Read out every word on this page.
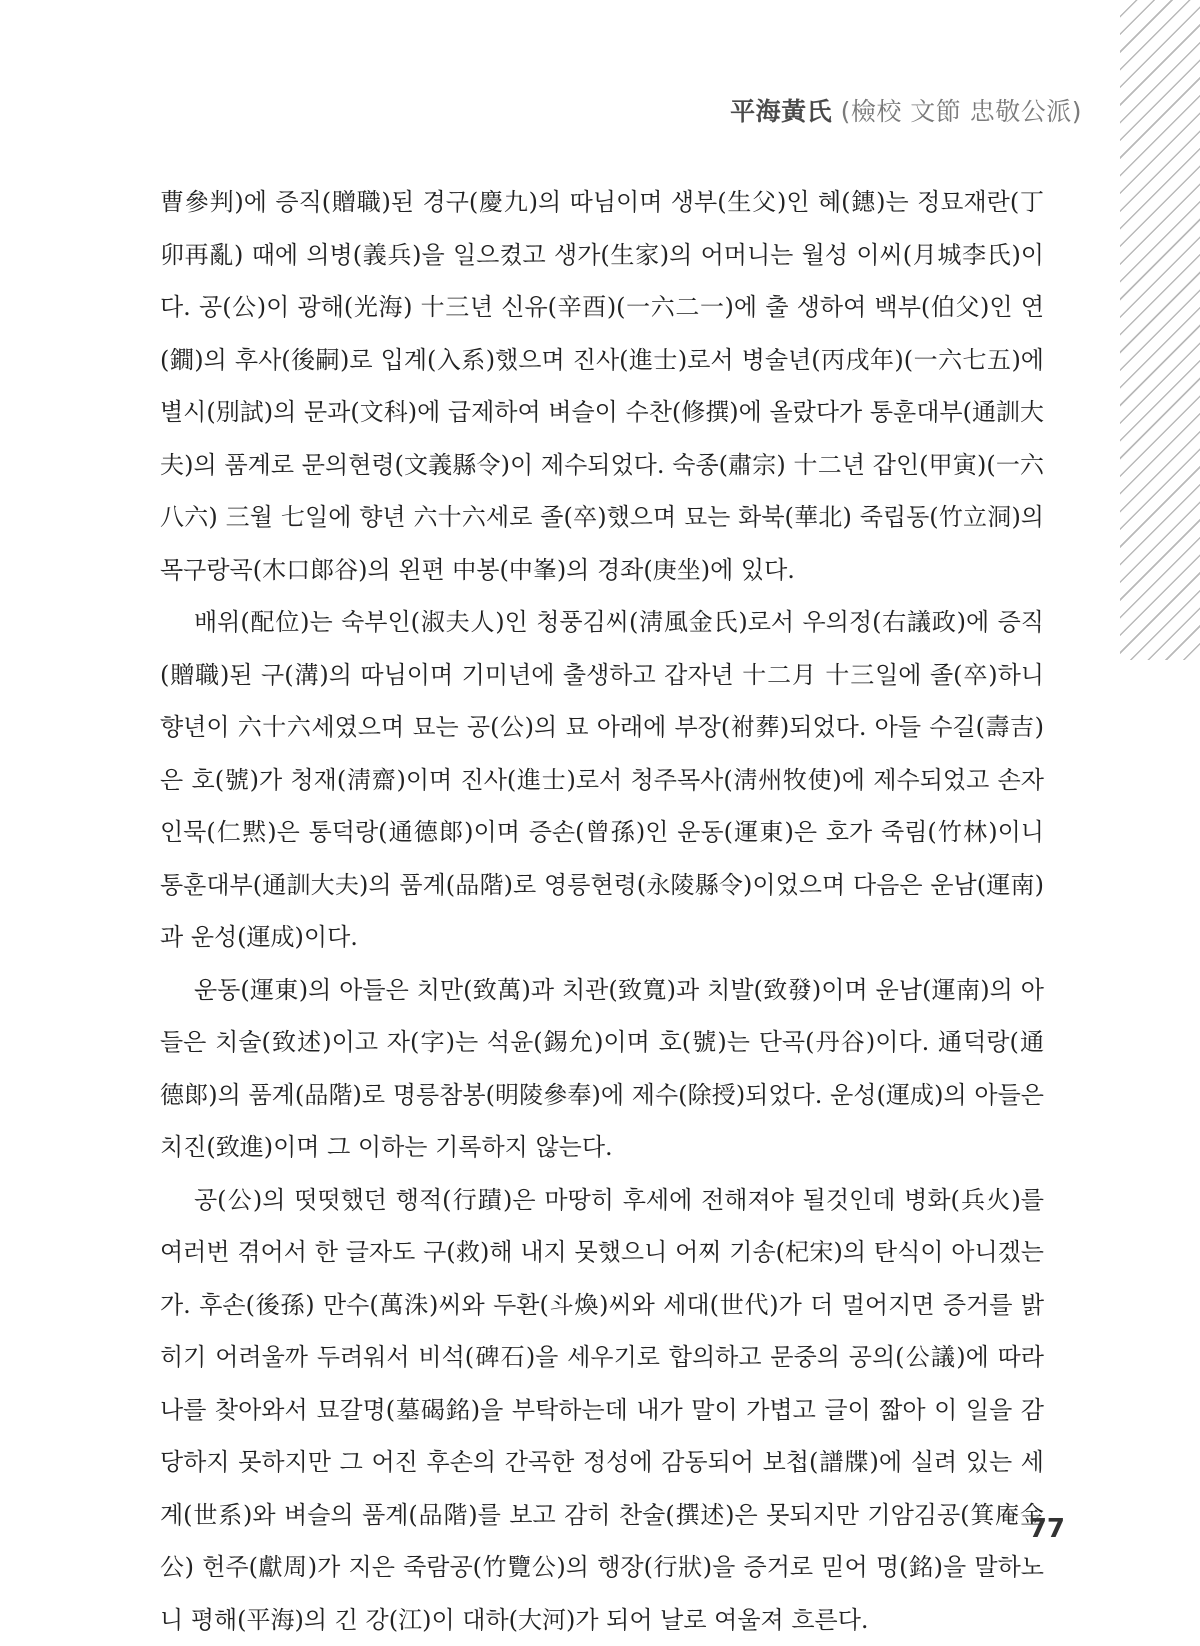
平海黃氏 (檢校 文節 忠敬公派)

曹參判)에 증직(贈職)된 경구(慶九)의 따님이며 생부(生父)인 혜(鏸)는 정묘재란(丁卯再亂) 때에 의병(義兵)을 일으켰고 생가(生家)의 어머니는 월성 이씨(月城李氏)이다. 공(公)이 광해(光海) 十三년 신유(辛酉)(一六二一)에 출 생하여 백부(伯父)인 연(鐗)의 후사(後嗣)로 입계(入系)했으며 진사(進士)로서 병술년(丙戌年)(一六七五)에 별시(別試)의 문과(文科)에 급제하여 벼슬이 수찬(修撰)에 올랐다가 통훈대부(通訓大夫)의 품계로 문의현령(文義縣令)이 제수되었다. 숙종(肅宗) 十二년 갑인(甲寅)(一六八六) 三월 七일에 향년 六十六세로 졸(卒)했으며 묘는 화북(華北) 죽립동(竹立洞)의 목구랑곡(木口郞谷)의 왼편 中봉(中峯)의 경좌(庚坐)에 있다.

배위(配位)는 숙부인(淑夫人)인 청풍김씨(淸風金氏)로서 우의정(右議政)에 증직(贈職)된 구(溝)의 따님이며 기미년에 출생하고 갑자년 十二月 十三일에 졸(卒)하니 향년이 六十六세였으며 묘는 공(公)의 묘 아래에 부장(祔葬)되었다. 아들 수길(壽吉)은 호(號)가 청재(淸齋)이며 진사(進士)로서 청주목사(淸州牧使)에 제수되었고 손자 인묵(仁黙)은 통덕랑(通德郞)이며 증손(曾孫)인 운동(運東)은 호가 죽림(竹林)이니 통훈대부(通訓大夫)의 품계(品階)로 영릉현령(永陵縣令)이었으며 다음은 운남(運南)과 운성(運成)이다.

운동(運東)의 아들은 치만(致萬)과 치관(致寬)과 치발(致發)이며 운남(運南)의 아들은 치술(致述)이고 자(字)는 석윤(錫允)이며 호(號)는 단곡(丹谷)이다. 通덕랑(通德郞)의 품계(品階)로 명릉참봉(明陵參奉)에 제수(除授)되었다. 운성(運成)의 아들은 치진(致進)이며 그 이하는 기록하지 않는다.

공(公)의 떳떳했던 행적(行蹟)은 마땅히 후세에 전해져야 될것인데 병화(兵火)를 여러번 겪어서 한 글자도 구(救)해 내지 못했으니 어찌 기송(杞宋)의 탄식이 아니겠는가. 후손(後孫) 만수(萬洙)씨와 두환(斗煥)씨와 세대(世代)가 더 멀어지면 증거를 밝히기 어려울까 두려워서 비석(碑石)을 세우기로 합의하고 문중의 공의(公議)에 따라 나를 찾아와서 묘갈명(墓碣銘)을 부탁하는데 내가 말이 가볍고 글이 짧아 이 일을 감당하지 못하지만 그 어진 후손의 간곡한 정성에 감동되어 보첩(譜牒)에 실려 있는 세계(世系)와 벼슬의 품계(品階)를 보고 감히 찬술(撰述)은 못되지만 기암김공(箕庵金公) 헌주(獻周)가 지은 죽람공(竹覽公)의 행장(行狀)을 증거로 믿어 명(銘)을 말하노니 평해(平海)의 긴 강(江)이 대하(大河)가 되어 날로 여울져 흐른다.

77
